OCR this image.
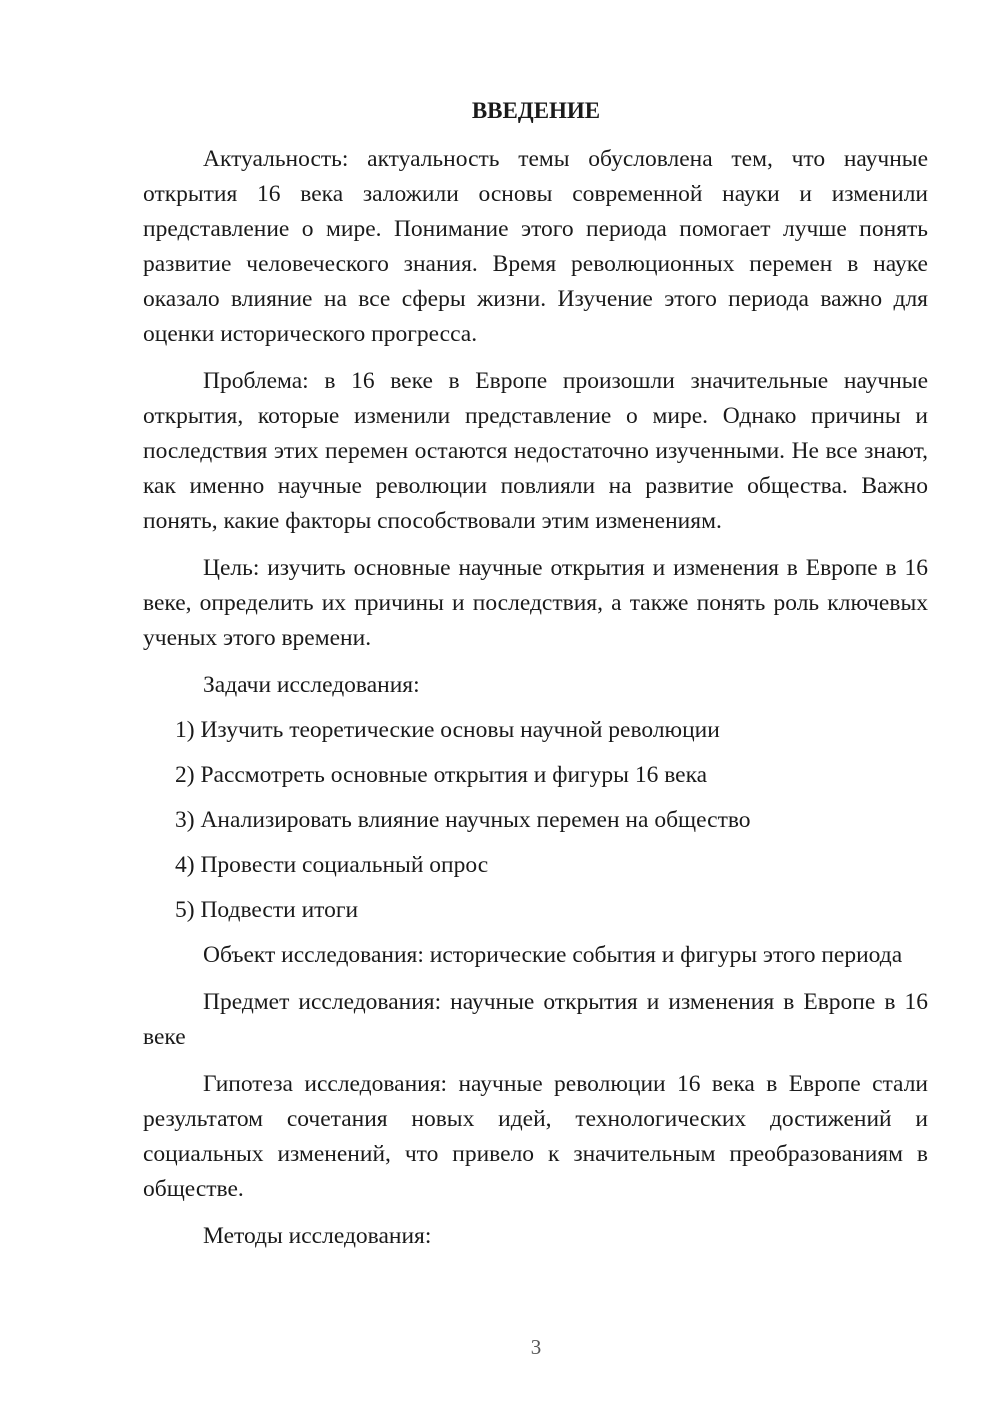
ВВЕДЕНИЕ

Актуальность: актуальность темы обусловлена тем, что научные открытия 16 века заложили основы современной науки и изменили представление о мире. Понимание этого периода помогает лучше понять развитие человеческого знания. Время революционных перемен в науке оказало влияние на все сферы жизни. Изучение этого периода важно для оценки исторического прогресса.

Проблема: в 16 веке в Европе произошли значительные научные открытия, которые изменили представление о мире. Однако причины и последствия этих перемен остаются недостаточно изученными. Не все знают, как именно научные революции повлияли на развитие общества. Важно понять, какие факторы способствовали этим изменениям.

Цель: изучить основные научные открытия и изменения в Европе в 16 веке, определить их причины и последствия, а также понять роль ключевых ученых этого времени.

Задачи исследования:

1) Изучить теоретические основы научной революции
2) Рассмотреть основные открытия и фигуры 16 века
3) Анализировать влияние научных перемен на общество
4) Провести социальный опрос
5) Подвести итоги

Объект исследования: исторические события и фигуры этого периода

Предмет исследования: научные открытия и изменения в Европе в 16 веке

Гипотеза исследования: научные революции 16 века в Европе стали результатом сочетания новых идей, технологических достижений и социальных изменений, что привело к значительным преобразованиям в обществе.

Методы исследования:

3
